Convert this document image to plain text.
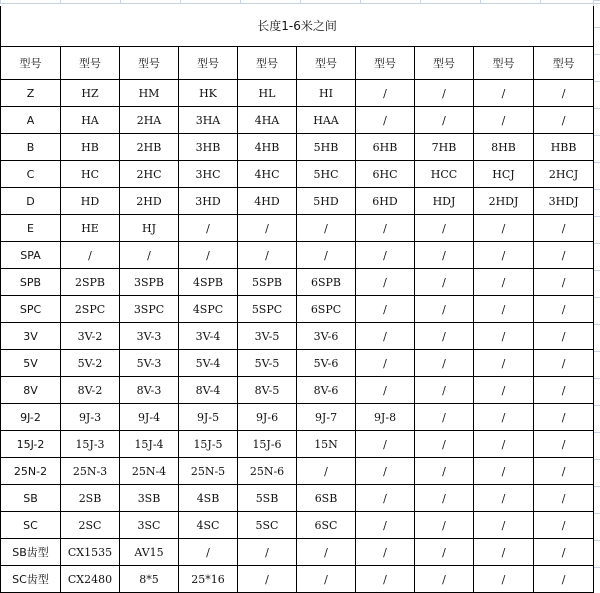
长度1-6米之间									
型号	型号	型号	型号	型号	型号	型号	型号	型号	型号
Z	HZ	HM	HK	HL	HI	/	/	/	/
A	HA	2HA	3HA	4HA	HAA	/	/	/	/
B	HB	2HB	3HB	4HB	5HB	6HB	7HB	8HB	HBB
C	HC	2HC	3HC	4HC	5HC	6HC	HCC	HCJ	2HCJ
D	HD	2HD	3HD	4HD	5HD	6HD	HDJ	2HDJ	3HDJ
E	HE	HJ	/	/	/	/	/	/	/
SPA	/	/	/	/	/	/	/	/	/
SPB	2SPB	3SPB	4SPB	5SPB	6SPB	/	/	/	/
SPC	2SPC	3SPC	4SPC	5SPC	6SPC	/	/	/	/
3V	3V-2	3V-3	3V-4	3V-5	3V-6	/	/	/	/
5V	5V-2	5V-3	5V-4	5V-5	5V-6	/	/	/	/
8V	8V-2	8V-3	8V-4	8V-5	8V-6	/	/	/	/
9J-2	9J-3	9J-4	9J-5	9J-6	9J-7	9J-8	/	/	/
15J-2	15J-3	15J-4	15J-5	15J-6	15N	/	/	/	/
25N-2	25N-3	25N-4	25N-5	25N-6	/	/	/	/	/
SB	2SB	3SB	4SB	5SB	6SB	/	/	/	/
SC	2SC	3SC	4SC	5SC	6SC	/	/	/	/
SB齿型	CX1535	AV15	/	/	/	/	/	/	/
SC齿型	CX2480	8*5	25*16	/	/	/	/	/	/
